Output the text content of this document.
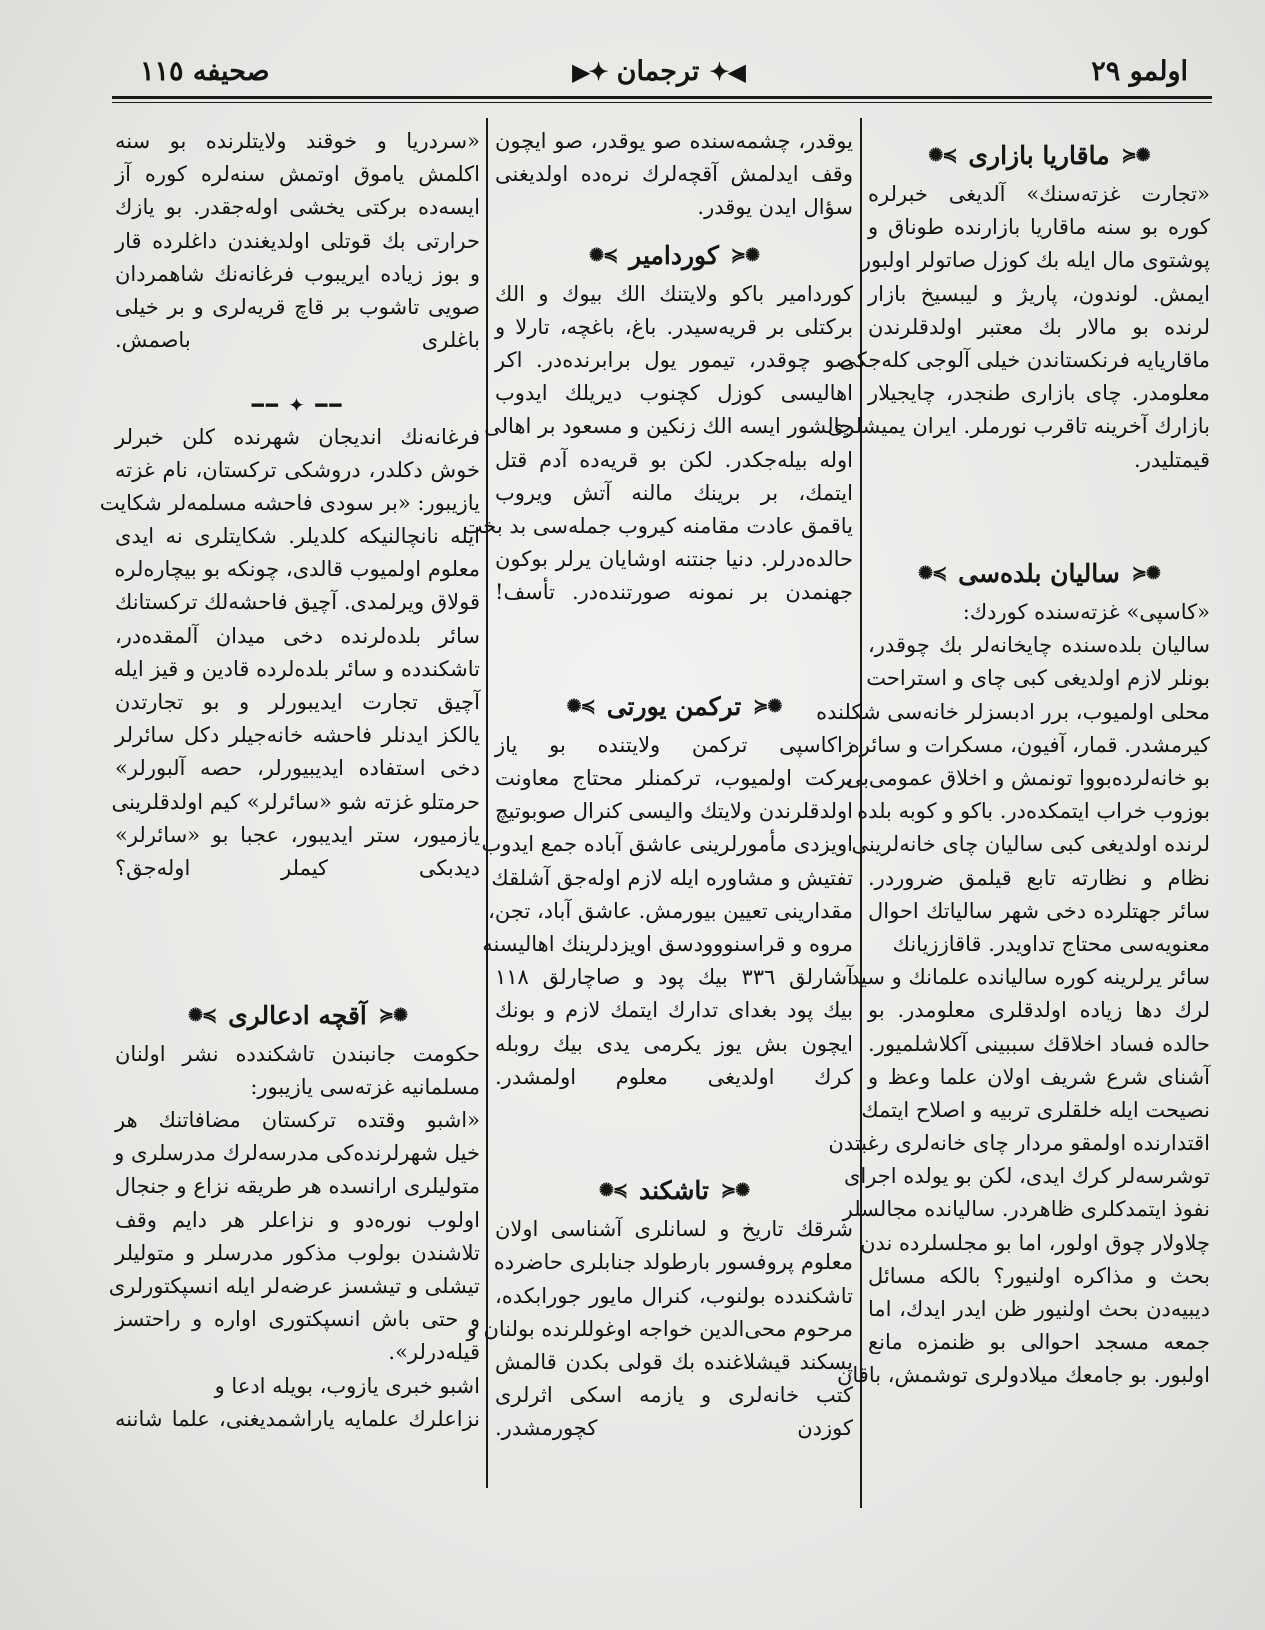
اولمو ٢٩
◀✦
ترجمان
✦▶
صحيفه ١١٥
✺≼
ماقاريا بازاری
≽✺
«تجارت غزته‌سنك» آلديغى خبرلره
كوره بو سنه ماقاريا بازارنده طوناق و
پوشتوى مال ايله بك كوزل صاتولر اولبور
ايمش. لوندون، پاريژ و ليبسيخ بازار
لرنده بو مالار بك معتبر اولدقلرندن
ماقاريايه فرنكستاندن خيلى آلوجى كله‌جكى
معلومدر. چاى بازارى طنجدر، چايجيلار
بازارك آخرينه تاقرب نورملر. ايران يميشلرى
قيمتليدر.
✺≼
ساليان بلده‌سى
≽✺
«كاسپى» غزته‌سنده كوردك:
ساليان بلده‌سنده چايخانه‌لر بك چوقدر،
بونلر لازم اولديغى كبى چاى و استراحت
محلى اولميوب، برر ادبسزلر خانه‌سى شكلنده
كيرمشدر. قمار، آفيون، مسكرات و سائره
بو خانه‌لرده‌بووا تونمش و اخلاق عمومى‌بى
بوزوب خراب ايتمكده‌در. باكو و كوبه بلده
لرنده اولديغى كبى ساليان چاى خانه‌لرينى
نظام و نظارته تابع قيلمق ضروردر.
سائر جهتلرده دخى شهر سالياتك احوال
معنويه‌سى محتاج تداويدر. قاقاززيانك
سائر يرلرينه كوره ساليانده علمانك و سيد
لرك دها زياده اولدقلرى معلومدر. بو
حالده فساد اخلاقك سببينى آكلاشلميور.
آشناى شرع شريف اولان علما وعظ و
نصيحت ايله خلقلرى تربيه و اصلاح ايتمك
اقتدارنده اولمقو مردار چاى خانه‌لرى رغبتدن
توشرسه‌لر كرك ايدى، لكن بو يولده اجراى
نفوذ ايتمدكلرى ظاهردر. ساليانده مجالسلر
چلاولار چوق اولور، اما بو مجلسلرده ندن
بحث و مذاكره اولنيور؟ بالكه مسائل
ديبيه‌دن بحث اولنيور ظن ايدر ايدك، اما
جمعه مسجد احوالى بو ظنمزه مانع
اولبور. بو جامعك ميلادولرى توشمش، باقان
يوقدر، چشمه‌سنده صو يوقدر، صو ايچون
وقف ايدلمش آقچه‌لرك نره‌ده اولديغنى
سؤال ايدن يوقدر.
✺≼
كوردامير
≽✺
كوردامير باكو ولايتنك الك بيوك و الك
بركتلى بر قريه‌سيدر. باغ، باغچه، تارلا و
صو چوقدر، تيمور يول برابرنده‌در. اكر
اهاليسى كوزل كچنوب ديريلك ايدوب
چالشور ايسه الك زنكين و مسعود بر اهالى
اوله بيله‌جكدر. لكن بو قريه‌ده آدم قتل
ايتمك، بر برينك مالنه آتش ويروب
ياقمق عادت مقامنه كيروب جمله‌سى بد بخت
حالده‌درلر. دنيا جنتنه اوشايان يرلر بوكون
جهنمدن بر نمونه صورتنده‌در. تأسف!
✺≼
تركمن يورتى
≽✺
زاكاسپى تركمن ولايتنده بو ياز
بركت اولميوب، تركمنلر محتاج معاونت
اولدقلرندن ولايتك واليسى كنرال صوبوتيچ
اويزدى مأمورلرينى عاشق آباده جمع ايدوب
تفتيش و مشاوره ايله لازم اوله‌جق آشلقك
مقدارينى تعيين بيورمش. عاشق آباد، تجن،
مروه و قراسنووودسق اويزدلرينك اهاليسنه
آشارلق ٣٣٦ بيك پود و صاچارلق ١١٨
بيك پود بغداى تدارك ايتمك لازم و بونك
ايچون بش يوز يكرمى يدى بيك روبله
كرك اولديغى معلوم اولمشدر.
✺≼
تاشكند
≽✺
شرقك تاريخ و لسانلرى آشناسى اولان
معلوم پروفسور بارطولد جنابلرى حاضرده
تاشكندده بولنوب، كنرال مايور جورابكده،
مرحوم محى‌الدين خواجه اوغوللرنده بولنان و
پسكند قيشلاغنده بك قولى بكدن قالمش
كتب خانه‌لرى و يازمه اسكى اثرلرى
كوزدن كچورمشدر.
«سردريا و خوقند ولايتلرنده بو سنه
اكلمش ياموق اوتمش سنه‌لره كوره آز
ايسه‌ده بركتى يخشى اوله‌جقدر. بو يازك
حرارتى بك قوتلى اولديغندن داغلرده قار
و بوز زياده ايريبوب فرغانه‌نك شاهمردان
صويى تاشوب بر قاچ قريه‌لرى و بر خيلى
باغلرى باصمش.
━━ ✦ ━━
فرغانه‌نك انديجان شهرنده كلن خبرلر
خوش دكلدر، دروشكى تركستان، نام غزته
يازيبور: «بر سودى فاحشه مسلمه‌لر شكايت
ايله نانچالنيكه كلديلر. شكايتلرى نه ايدى
معلوم اولميوب قالدى، چونكه بو بيچاره‌لره
قولاق ويرلمدى. آچيق فاحشه‌لك تركستانك
سائر بلده‌لرنده دخى ميدان آلمقده‌در،
تاشكندده و سائر بلده‌لرده قادين و قيز ايله
آچيق تجارت ايديبورلر و بو تجارتدن
يالكز ايدنلر فاحشه خانه‌جيلر دكل سائرلر
دخى استفاده ايديبيورلر، حصه آلبورلر»
حرمتلو غزته شو «سائرلر» كيم اولدقلرينى
يازميور، ستر ايديبور، عجبا بو «سائرلر»
ديدبكى كيملر اوله‌جق؟
✺≼
آقچه ادعالرى
≽✺
حكومت جانبندن تاشكندده نشر اولنان
مسلمانيه غزته‌سى يازيبور:
«اشبو وقتده تركستان مضافاتنك هر
خيل شهرلرنده‌كى مدرسه‌لرك مدرسلرى و
متوليلرى ارانسده هر طريقه نزاع و جنجال
اولوب نوره‌دو و نزاعلر هر دايم وقف
تلاشندن بولوب مذكور مدرسلر و متوليلر
تيشلى و تيشسز عرضه‌لر ايله انسپكتورلرى
و حتى باش انسپكتورى اواره و راحتسز
قيله‌درلر».
اشبو خبرى يازوب، بويله ادعا و
نزاعلرك علمايه ياراشمديغنى، علما شاننه
